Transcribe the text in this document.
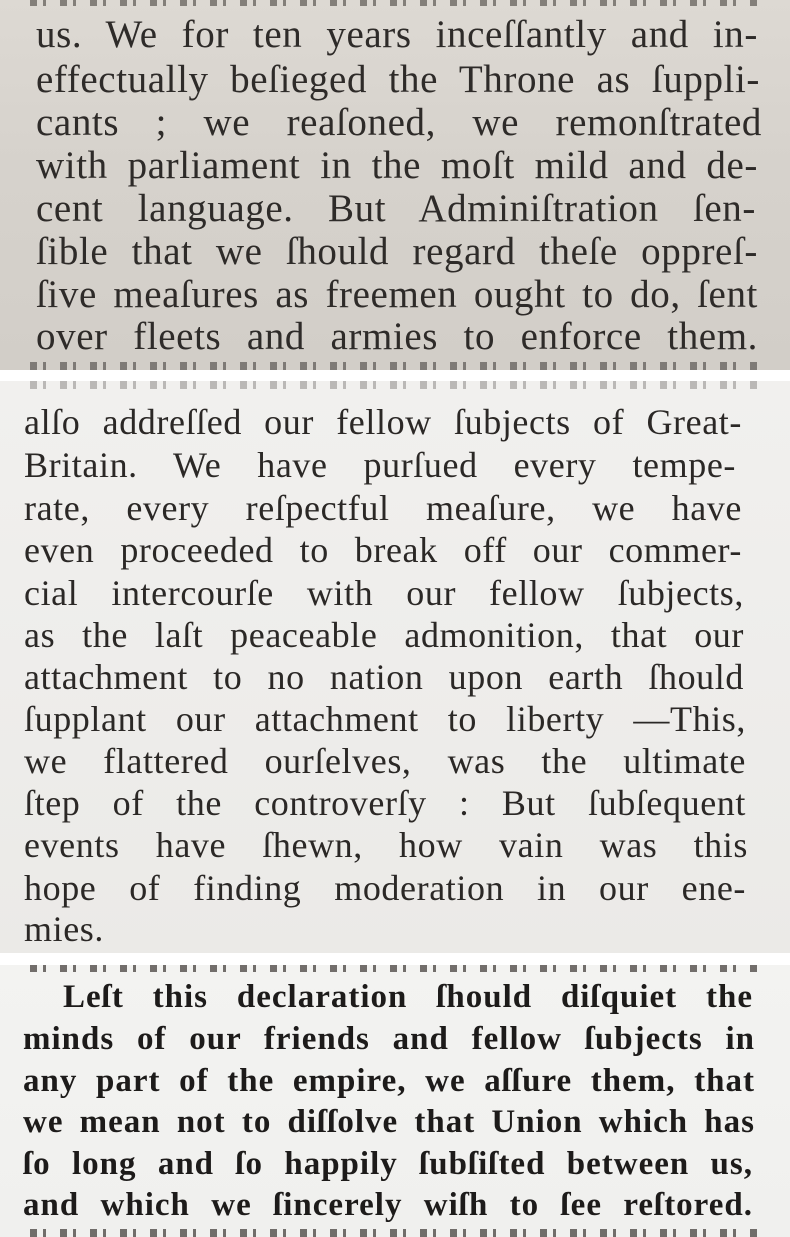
us. We for ten years inceſſantly and in-
effectually beſieged the Throne as ſuppli-
cants ; we reaſoned, we remonſtrated
with parliament in the moſt mild and de-
cent language. But Adminiſtration ſen-
ſible that we ſhould regard theſe oppreſ-
ſive meaſures as freemen ought to do, ſent
over fleets and armies to enforce them.
alſo addreſſed our fellow ſubjects of Great-
Britain. We have purſued every tempe-
rate, every reſpectful meaſure, we have
even proceeded to break off our commer-
cial intercourſe with our fellow ſubjects,
as the laſt peaceable admonition, that our
attachment to no nation upon earth ſhould
ſupplant our attachment to liberty —This,
we flattered ourſelves, was the ultimate
ſtep of the controverſy : But ſubſequent
events have ſhewn, how vain was this
hope of finding moderation in our ene-
mies.
Leſt this declaration ſhould diſquiet the
minds of our friends and fellow ſubjects in
any part of the empire, we aſſure them, that
we mean not to diſſolve that Union which has
ſo long and ſo happily ſubſiſted between us,
and which we ſincerely wiſh to ſee reſtored.
